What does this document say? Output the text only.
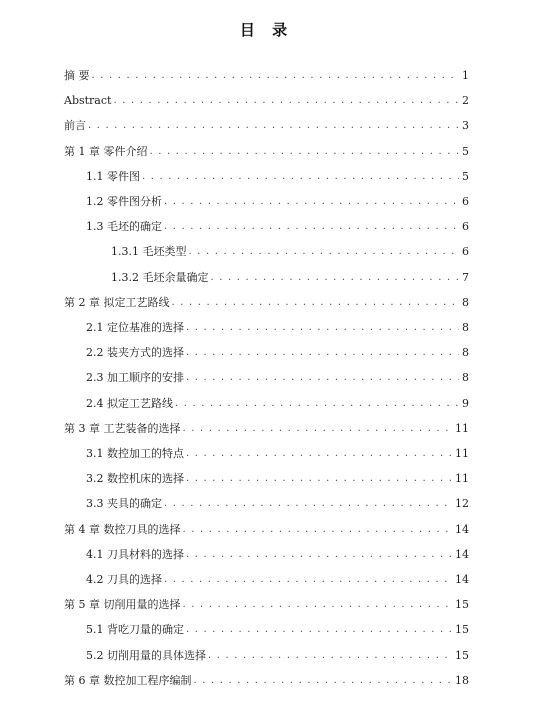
目 录
摘 要 . . .	1
Abstract . . .	2
前言 . . .	3
第 1 章 零件介绍 . . .	5
1.1 零件图 . . .	5
1.2 零件图分析 . . .	6
1.3 毛坯的确定 . . .	6
1.3.1 毛坯类型 . . .	6
1.3.2 毛坯余量确定 . . .	7
第 2 章 拟定工艺路线 . . .	8
2.1 定位基准的选择 . . .	8
2.2 装夹方式的选择 . . .	8
2.3 加工顺序的安排 . . .	8
2.4 拟定工艺路线 . . .	9
第 3 章 工艺装备的选择 . . .	11
3.1 数控加工的特点 . . .	11
3.2 数控机床的选择 . . .	11
3.3 夹具的确定 . . .	12
第 4 章 数控刀具的选择 . . .	14
4.1 刀具材料的选择 . . .	14
4.2 刀具的选择 . . .	14
第 5 章 切削用量的选择 . . .	15
5.1 背吃刀量的确定 . . .	15
5.2 切削用量的具体选择 . . .	15
第 6 章 数控加工程序编制 . . .	18
